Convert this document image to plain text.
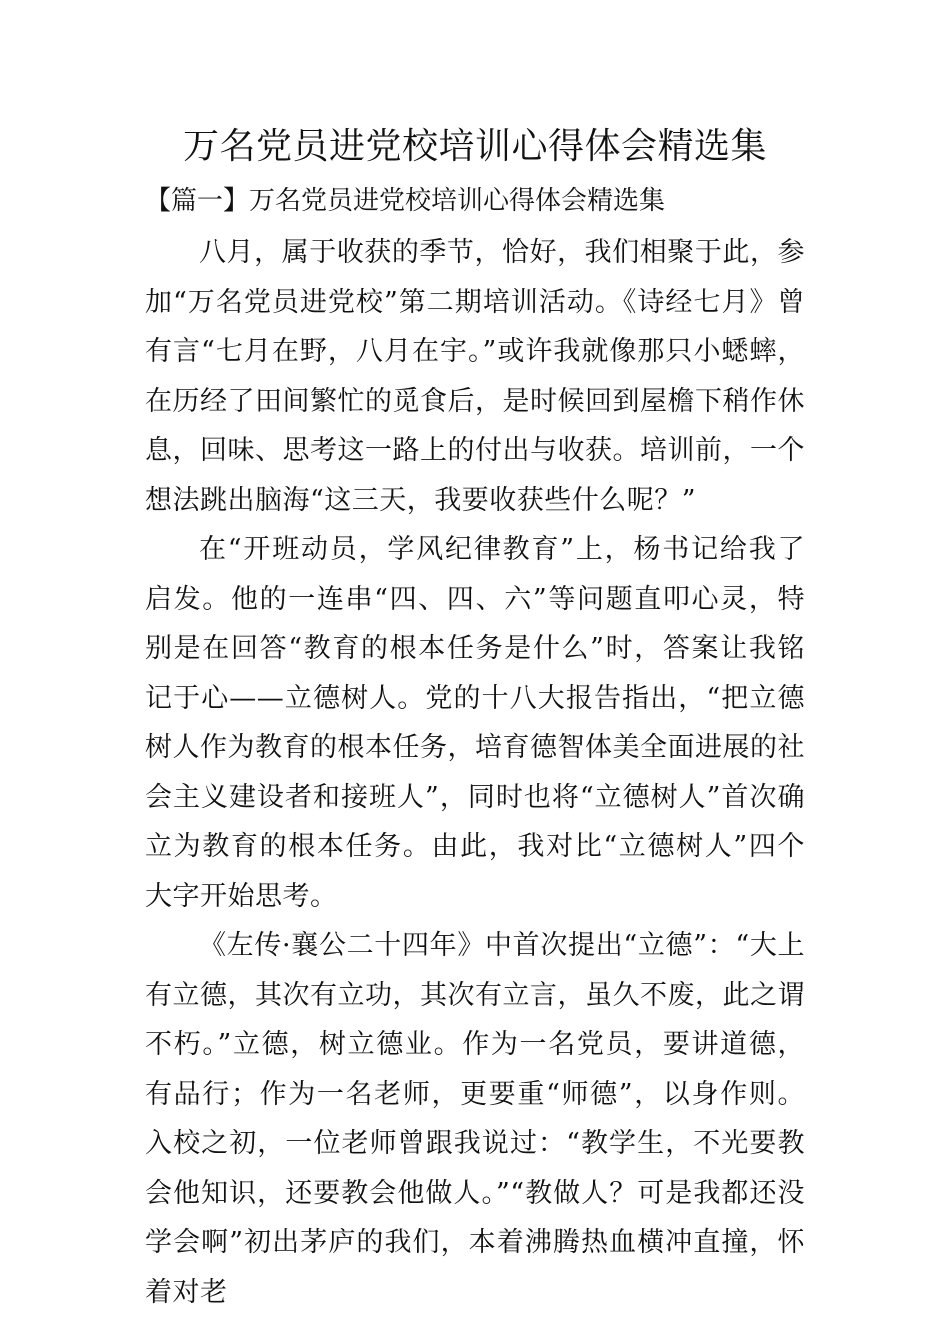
万名党员进党校培训心得体会精选集

【篇一】万名党员进党校培训心得体会精选集

八月，属于收获的季节，恰好，我们相聚于此，参加“万名党员进党校”第二期培训活动。《诗经七月》曾有言“七月在野，八月在宇。”或许我就像那只小蟋蟀，在历经了田间繁忙的觅食后，是时候回到屋檐下稍作休息，回味、思考这一路上的付出与收获。培训前，一个想法跳出脑海“这三天，我要收获些什么呢？”

在“开班动员，学风纪律教育”上，杨书记给我了启发。他的一连串“四、四、六”等问题直叩心灵，特别是在回答“教育的根本任务是什么”时，答案让我铭记于心——立德树人。党的十八大报告指出，“把立德树人作为教育的根本任务，培育德智体美全面进展的社会主义建设者和接班人”，同时也将“立德树人”首次确立为教育的根本任务。由此，我对比“立德树人”四个大字开始思考。

《左传·襄公二十四年》中首次提出“立德”：“大上有立德，其次有立功，其次有立言，虽久不废，此之谓不朽。”立德，树立德业。作为一名党员，要讲道德，有品行；作为一名老师，更要重“师德”，以身作则。入校之初，一位老师曾跟我说过：“教学生，不光要教会他知识，还要教会他做人。”“教做人？可是我都还没学会啊”初出茅庐的我们，本着沸腾热血横冲直撞，怀着对老
